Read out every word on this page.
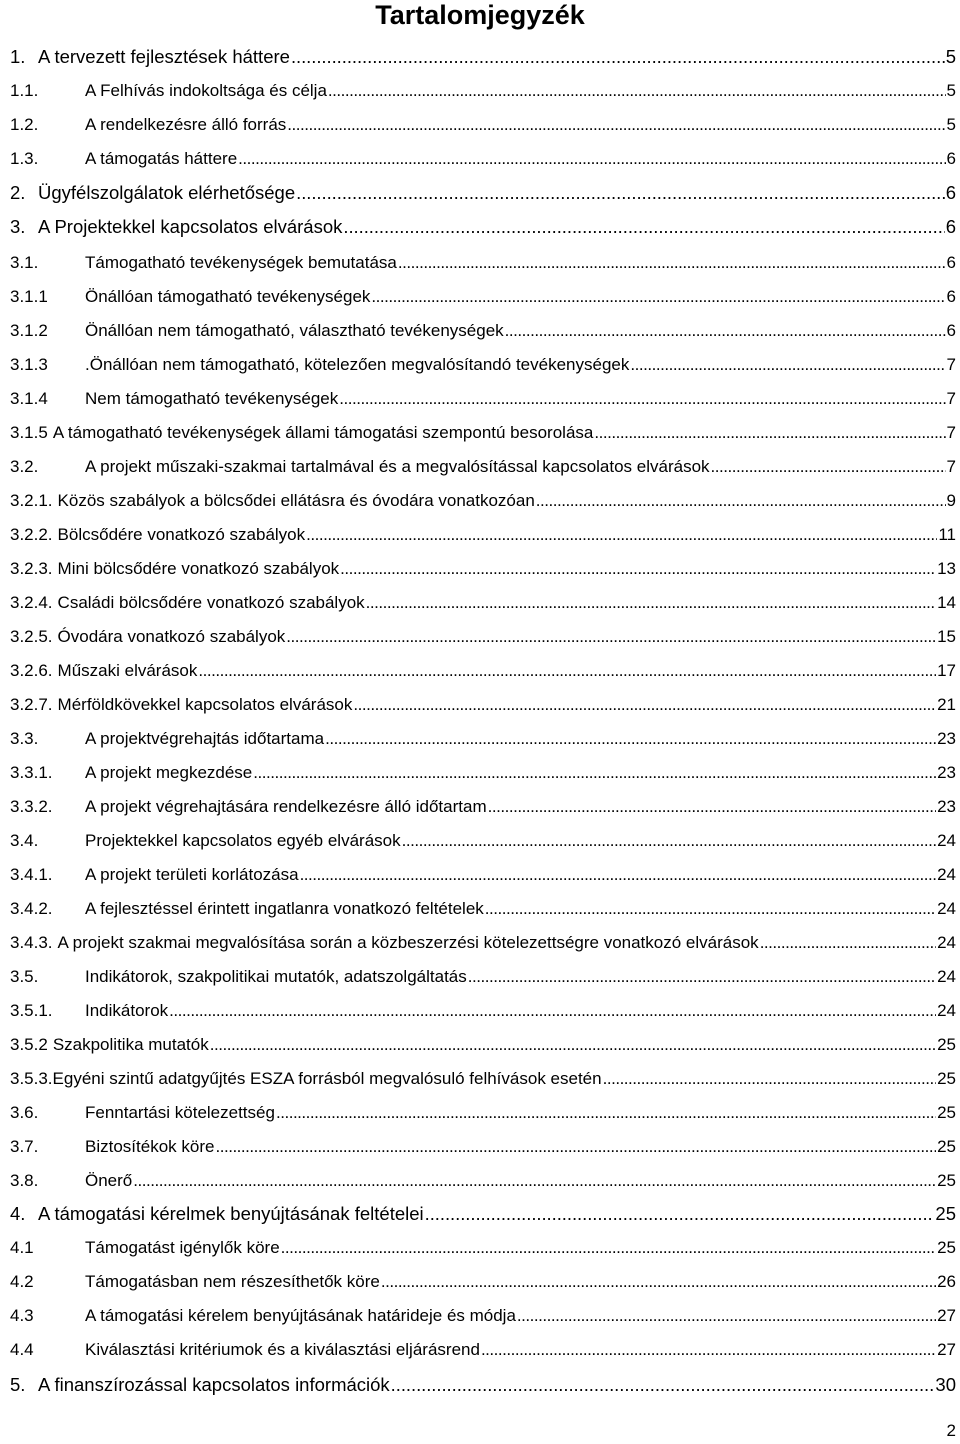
Tartalomjegyzék
1. A tervezett fejlesztések háttere . . .	5
1.1.	A Felhívás indokoltsága és célja . . .	5
1.2.	A rendelkezésre álló forrás . . .	5
1.3.	A támogatás háttere . . .	6
2. Ügyfélszolgálatok elérhetősége . . .	6
3. A Projektekkel kapcsolatos elvárások . . .	6
3.1.	Támogatható tevékenységek bemutatása . . .	6
3.1.1	Önállóan támogatható tevékenységek . . .	6
3.1.2	Önállóan nem támogatható, választható tevékenységek . . .	6
3.1.3	.Önállóan nem támogatható, kötelezően megvalósítandó tevékenységek . . .	7
3.1.4	Nem támogatható tevékenységek . . .	7
3.1.5 A támogatható tevékenységek állami támogatási szempontú besorolása . . .	7
3.2.	A projekt műszaki-szakmai tartalmával és a megvalósítással kapcsolatos elvárások . . .	7
3.2.1. Közös szabályok a bölcsődei ellátásra és óvodára vonatkozóan . . .	9
3.2.2. Bölcsődére vonatkozó szabályok . . .	11
3.2.3. Mini bölcsődére vonatkozó szabályok . . .	13
3.2.4. Családi bölcsődére vonatkozó szabályok . . .	14
3.2.5. Óvodára vonatkozó szabályok . . .	15
3.2.6. Műszaki elvárások . . .	17
3.2.7. Mérföldkövekkel kapcsolatos elvárások . . .	21
3.3.	A projektvégrehajtás időtartama . . .	23
3.3.1.	A projekt megkezdése . . .	23
3.3.2.	A projekt végrehajtására rendelkezésre álló időtartam . . .	23
3.4.	Projektekkel kapcsolatos egyéb elvárások . . .	24
3.4.1.	A projekt területi korlátozása . . .	24
3.4.2.	A fejlesztéssel érintett ingatlanra vonatkozó feltételek . . .	24
3.4.3. A projekt szakmai megvalósítása során a közbeszerzési kötelezettségre vonatkozó elvárások . . .	24
3.5.	Indikátorok, szakpolitikai mutatók, adatszolgáltatás . . .	24
3.5.1.	Indikátorok . . .	24
3.5.2 Szakpolitika mutatók . . .	25
3.5.3. Egyéni szintű adatgyűjtés ESZA forrásból megvalósuló felhívások esetén . . .	25
3.6.	Fenntartási kötelezettség . . .	25
3.7.	Biztosítékok köre . . .	25
3.8.	Önerő . . .	25
4. A támogatási kérelmek benyújtásának feltételei . . .	25
4.1	Támogatást igénylők köre . . .	25
4.2	Támogatásban nem részesíthetők köre . . .	26
4.3	A támogatási kérelem benyújtásának határideje és módja . . .	27
4.4	Kiválasztási kritériumok és a kiválasztási eljárásrend . . .	27
5. A finanszírozással kapcsolatos információk . . .	30
2
